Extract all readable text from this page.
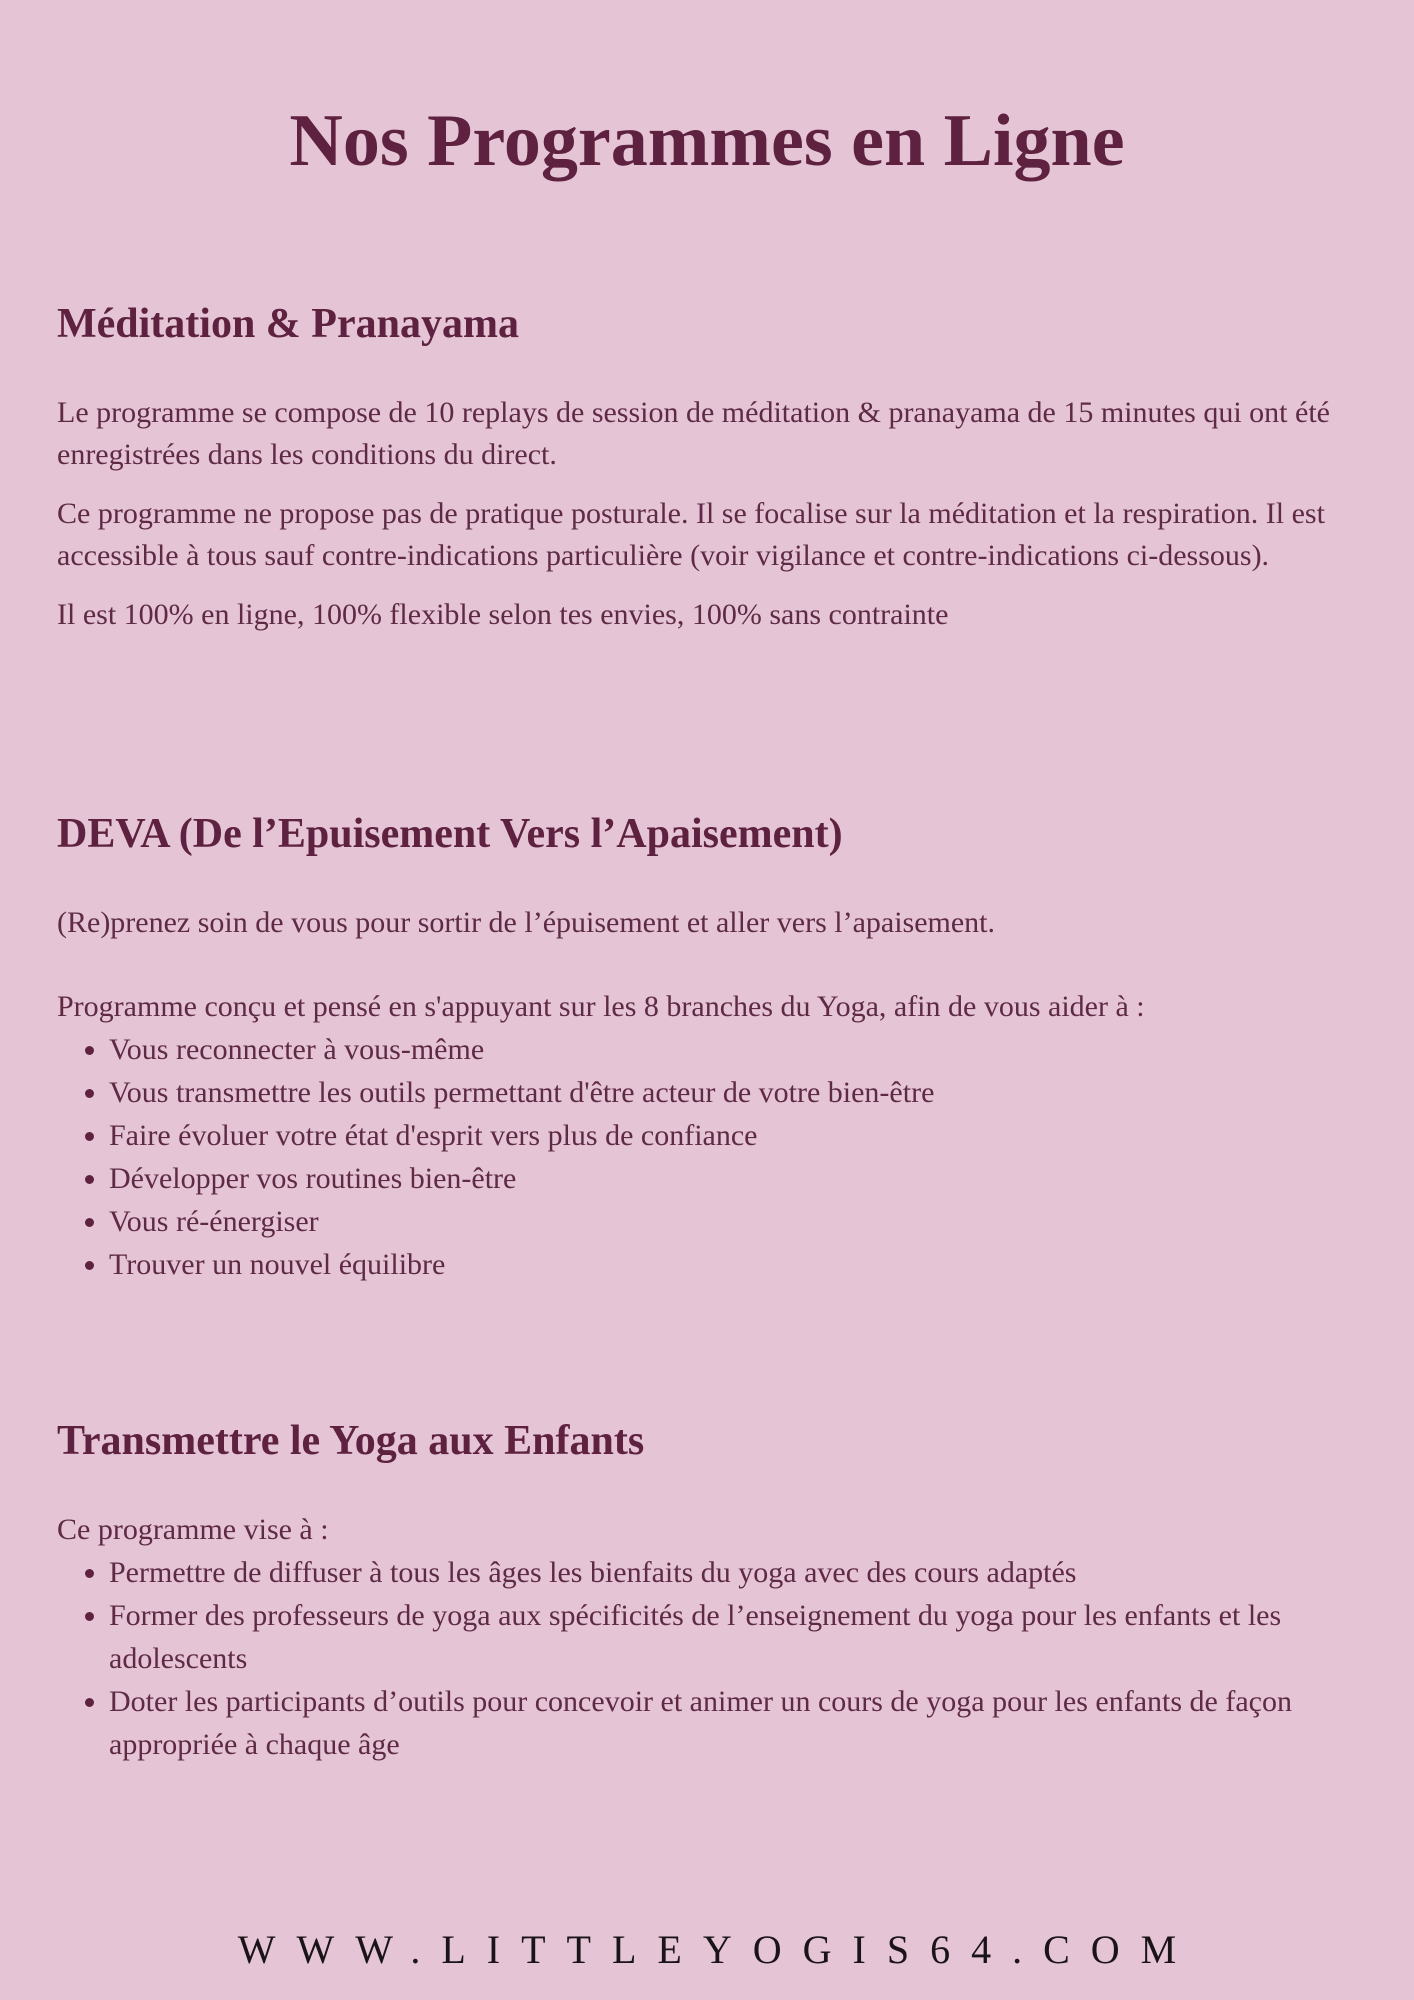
Nos Programmes en Ligne
Méditation & Pranayama

Le programme se compose de 10 replays de session de méditation & pranayama de 15 minutes qui ont été enregistrées dans les conditions du direct.

Ce programme ne propose pas de pratique posturale. Il se focalise sur la méditation et la respiration. Il est accessible à tous sauf contre-indications particulière (voir vigilance et contre-indications ci-dessous).

Il est 100% en ligne, 100% flexible selon tes envies, 100% sans contrainte

DEVA (De l’Epuisement Vers l’Apaisement)

(Re)prenez soin de vous pour sortir de l’épuisement et aller vers l’apaisement.

Programme conçu et pensé en s'appuyant sur les 8 branches du Yoga, afin de vous aider à :

• Vous reconnecter à vous-même
• Vous transmettre les outils permettant d'être acteur de votre bien-être
• Faire évoluer votre état d'esprit vers plus de confiance
• Développer vos routines bien-être
• Vous ré-énergiser
• Trouver un nouvel équilibre
Transmettre le Yoga aux Enfants

Ce programme vise à :

• Permettre de diffuser à tous les âges les bienfaits du yoga avec des cours adaptés
• Former des professeurs de yoga aux spécificités de l’enseignement du yoga pour les enfants et les adolescents
• Doter les participants d’outils pour concevoir et animer un cours de yoga pour les enfants de façon appropriée à chaque âge
WWW.LITTLEYOGIS64.COM
